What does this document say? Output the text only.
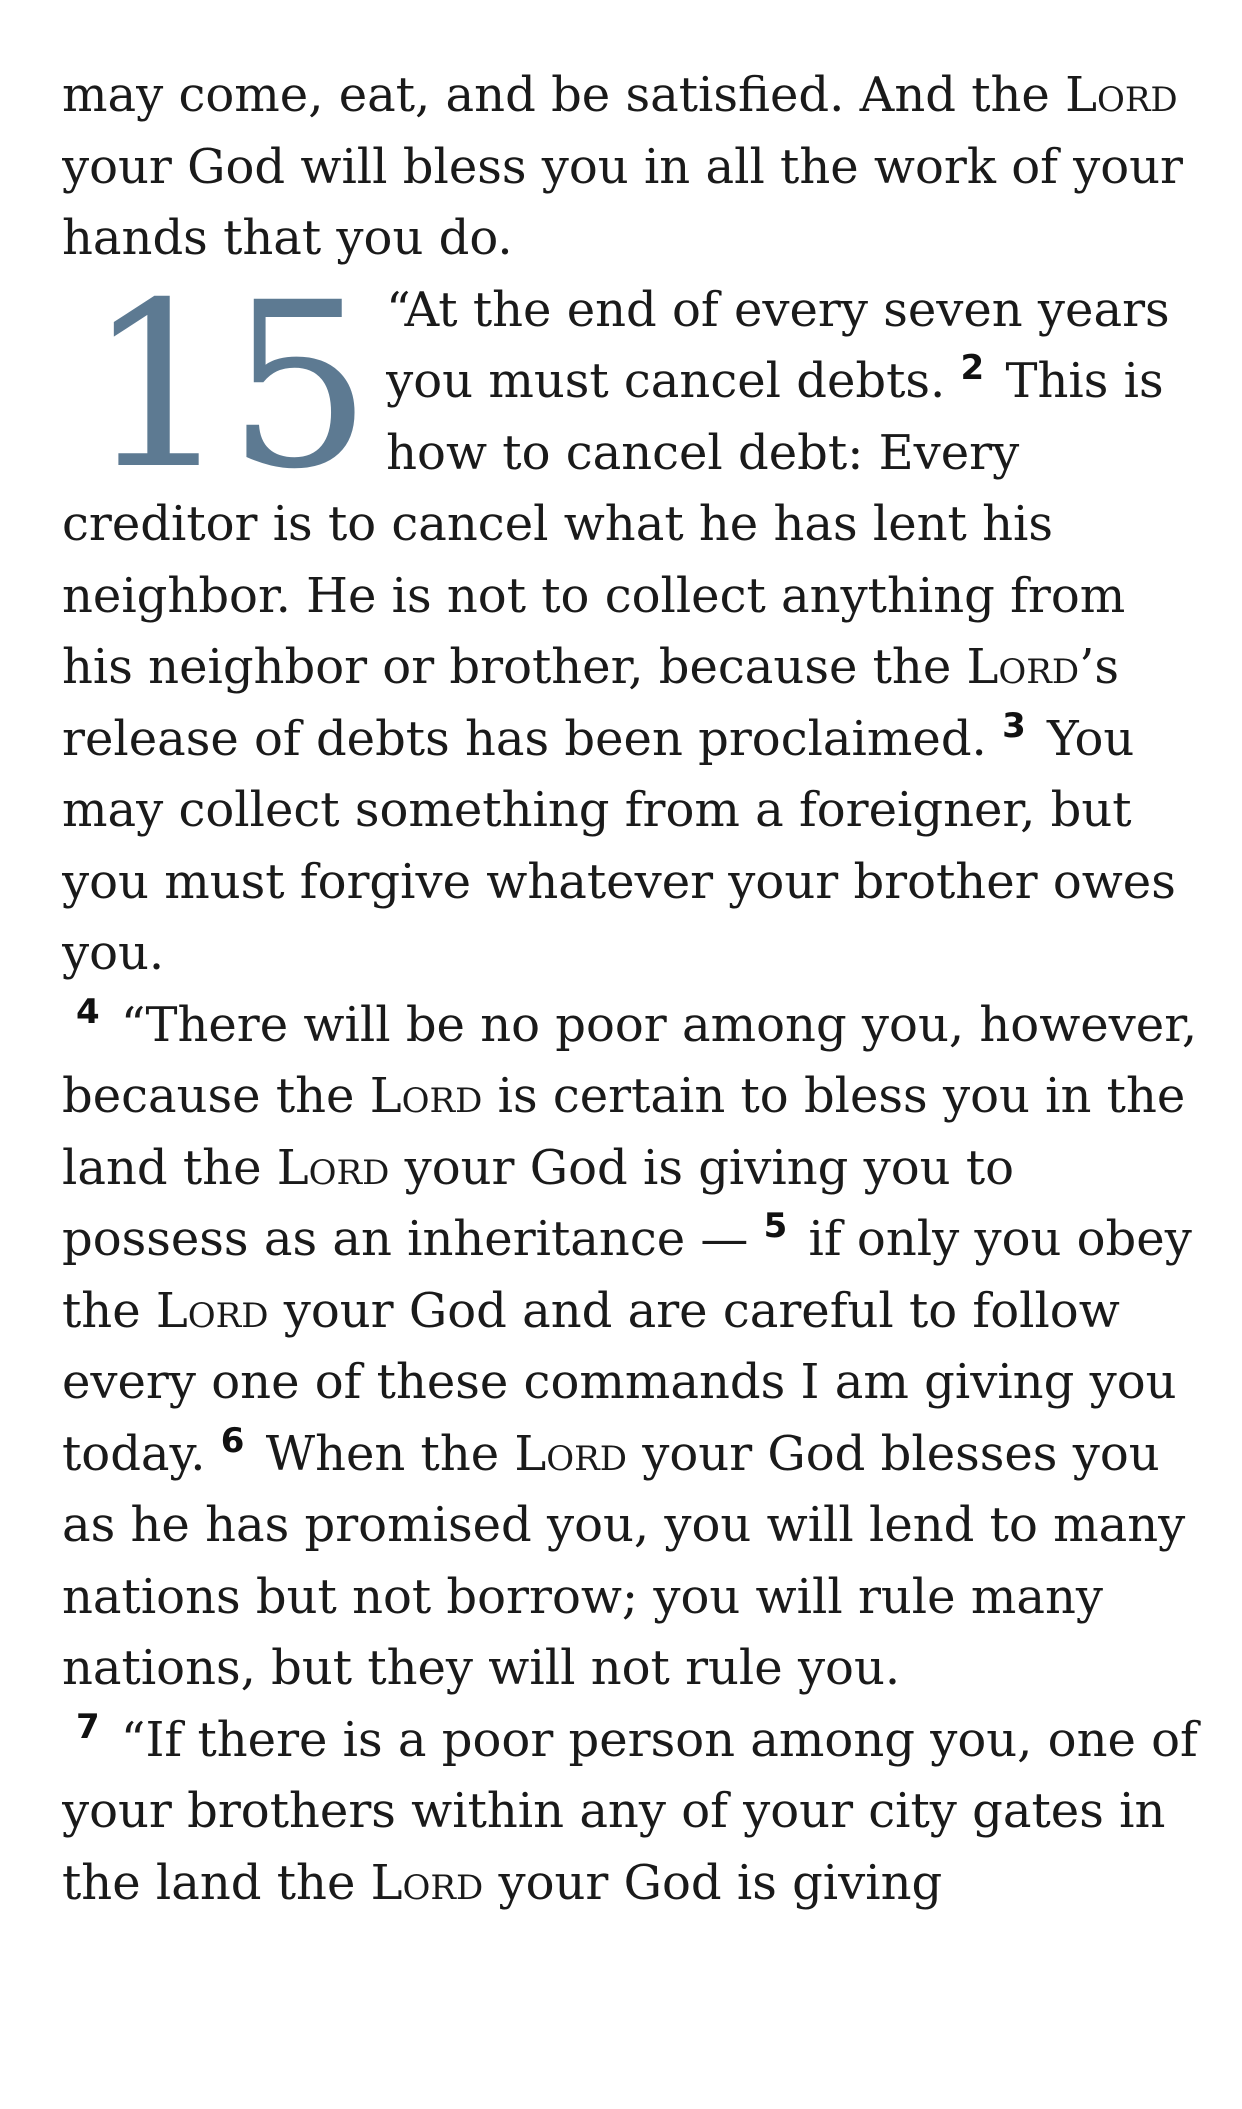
may come, eat, and be satisfied. And the Lord your God will bless you in all the work of your hands that you do.

15 “At the end of every seven years you must cancel debts. $^2$ This is how to cancel debt: Every creditor is to cancel what he has lent his neighbor. He is not to collect anything from his neighbor or brother, because the Lord’s release of debts has been proclaimed. $^3$ You may collect something from a foreigner, but you must forgive whatever your brother owes you.

$^4$ “There will be no poor among you, however, because the Lord is certain to bless you in the land the Lord your God is giving you to possess as an inheritance — $^5$ if only you obey the Lord your God and are careful to follow every one of these commands I am giving you today. $^6$ When the Lord your God blesses you as he has promised you, you will lend to many nations but not borrow; you will rule many nations, but they will not rule you.

$^7$ “If there is a poor person among you, one of your brothers within any of your city gates in the land the Lord your God is giving
